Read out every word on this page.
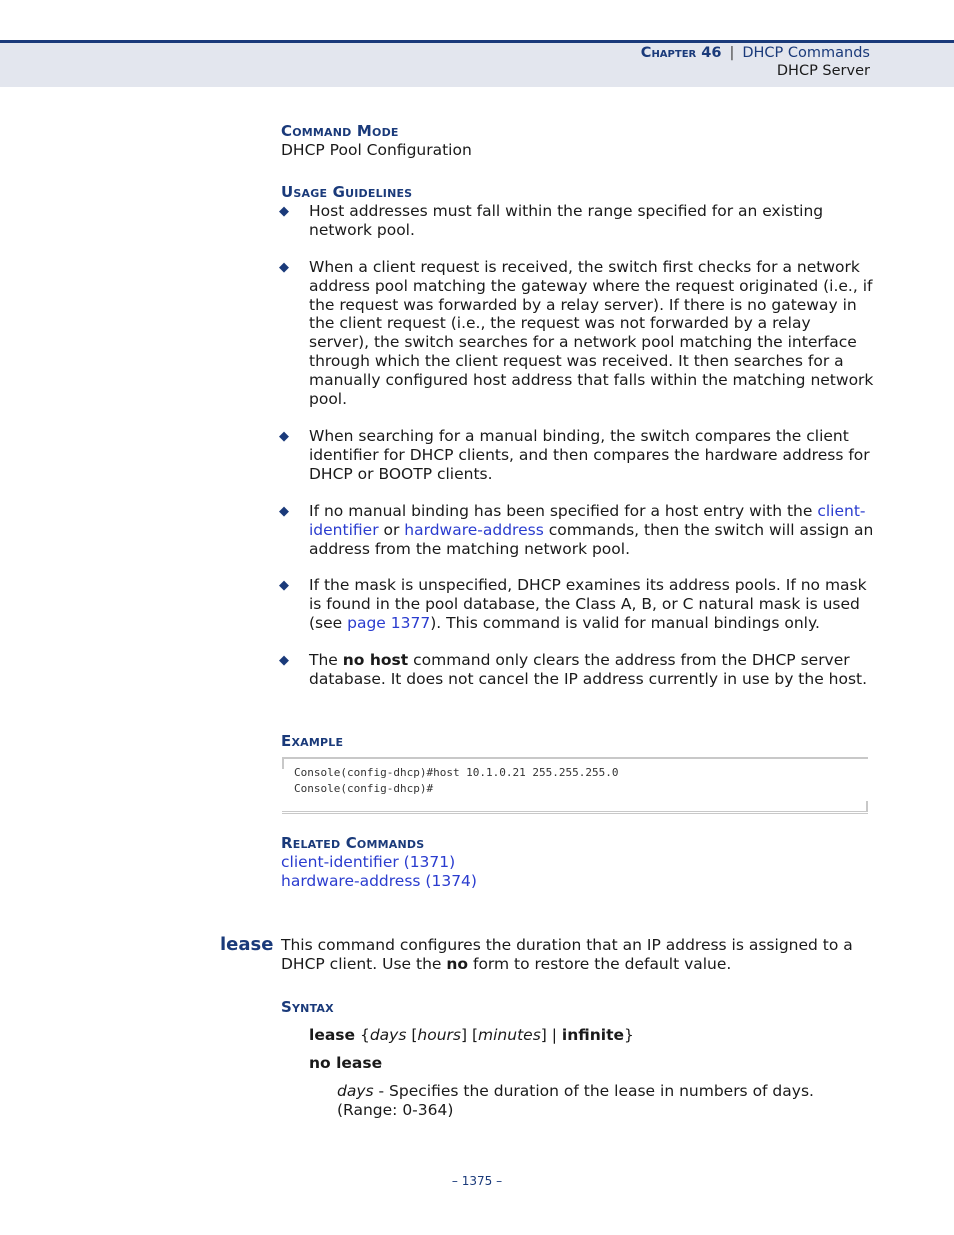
Chapter 46 | DHCP Commands
DHCP Server
Command Mode
DHCP Pool Configuration
Usage Guidelines
◆ Host addresses must fall within the range specified for an existing network pool.
◆ When a client request is received, the switch first checks for a network address pool matching the gateway where the request originated (i.e., if the request was forwarded by a relay server). If there is no gateway in the client request (i.e., the request was not forwarded by a relay server), the switch searches for a network pool matching the interface through which the client request was received. It then searches for a manually configured host address that falls within the matching network pool.
◆ When searching for a manual binding, the switch compares the client identifier for DHCP clients, and then compares the hardware address for DHCP or BOOTP clients.
◆ If no manual binding has been specified for a host entry with the client-identifier or hardware-address commands, then the switch will assign an address from the matching network pool.
◆ If the mask is unspecified, DHCP examines its address pools. If no mask is found in the pool database, the Class A, B, or C natural mask is used (see page 1377). This command is valid for manual bindings only.
◆ The no host command only clears the address from the DHCP server database. It does not cancel the IP address currently in use by the host.
Example
Console(config-dhcp)#host 10.1.0.21 255.255.255.0
Console(config-dhcp)#
Related Commands
client-identifier (1371)
hardware-address (1374)
lease This command configures the duration that an IP address is assigned to a DHCP client. Use the no form to restore the default value.
Syntax
lease {days [hours] [minutes] | infinite}
no lease
days - Specifies the duration of the lease in numbers of days. (Range: 0-364)
– 1375 –
